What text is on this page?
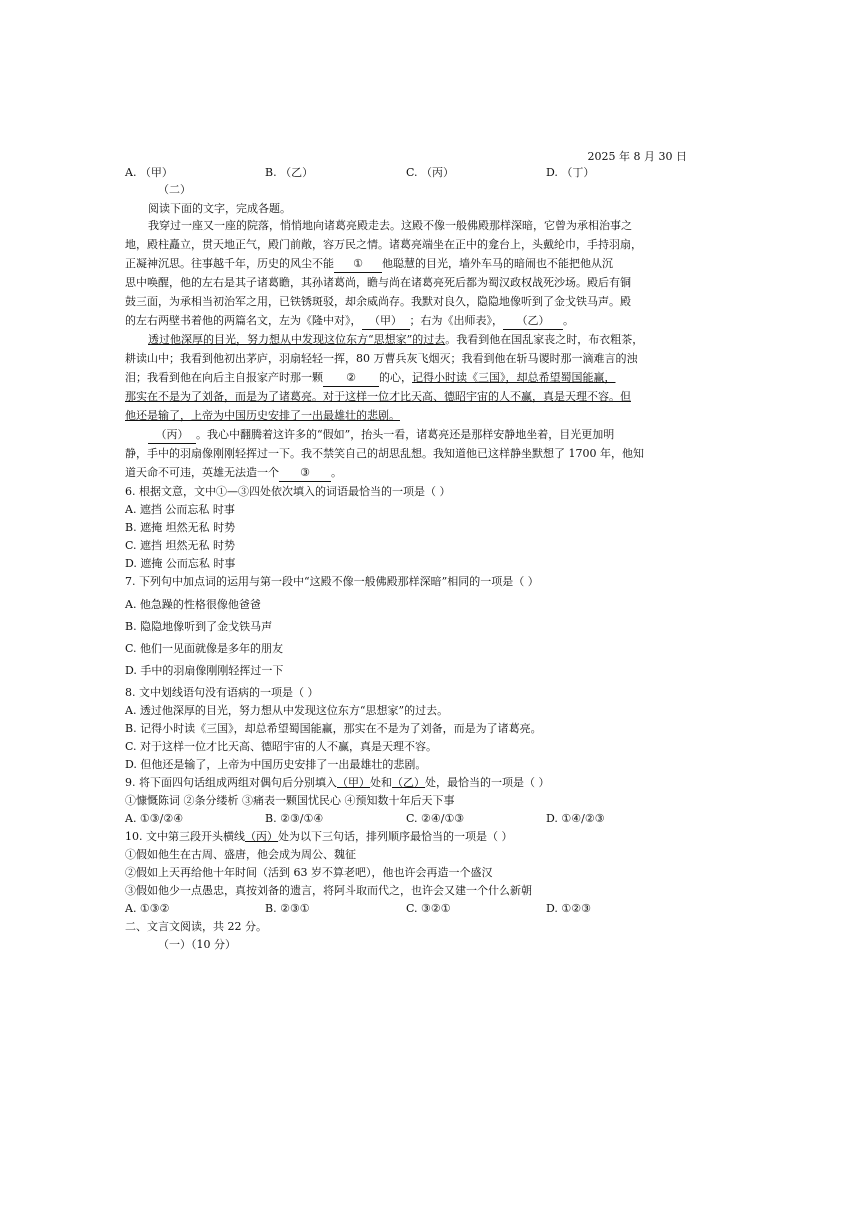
2025 年 8 月 30 日
A. （甲）	B. （乙）	C. （丙）	D. （丁）
（二）
阅读下面的文字，完成各题。
我穿过一座又一座的院落，悄悄地向诸葛亮殿走去。这殿不像一般佛殿那样深暗，它曾为承相治事之
地，殿柱矗立，贯天地正气，殿门前敞，容万民之情。诸葛亮端坐在正中的龛台上，头戴纶巾，手持羽扇，
正凝神沉思。往事越千年，历史的风尘不能 ① 他聪慧的目光，墙外车马的暗闹也不能把他从沉
思中唤醒，他的左右是其子诸葛瞻，其孙诸葛尚，瞻与尚在诸葛亮死后都为蜀汉政权战死沙场。殿后有铜
鼓三面，为承相当初治军之用，已铁锈斑驳，却余威尚存。我默对良久，隐隐地像听到了金戈铁马声。殿
的左右两壁书着他的两篇名文，左为《隆中对》， （甲） ；右为《出师表》， （乙） 。
透过他深厚的目光，努力想从中发现这位东方“思想家”的过去。我看到他在国乱家丧之时，布衣粗茶，
耕读山中；我看到他初出茅庐，羽扇轻轻一挥，80 万曹兵灰飞烟灭；我看到他在斩马谡时那一滴难言的浊
泪；我看到他在向后主自报家产时那一颗 ② 的心，记得小时读《三国》，却总希望蜀国能赢，
那实在不是为了刘备，而是为了诸葛亮。对于这样一位才比天高、德昭宇宙的人不赢，真是天理不容。但
他还是输了，上帝为中国历史安排了一出最雄壮的悲剧。
（丙） 。我心中翻腾着这许多的“假如”，抬头一看，诸葛亮还是那样安静地坐着，目光更加明
静，手中的羽扇像刚刚轻挥过一下。我不禁笑自己的胡思乱想。我知道他已这样静坐默想了 1700 年，他知
道天命不可违，英雄无法造一个 ③ 。
6. 根据文意，文中①—③四处依次填入的词语最恰当的一项是（ ）
A. 遮挡 公而忘私 时事
B. 遮掩 坦然无私 时势
C. 遮挡 坦然无私 时势
D. 遮掩 公而忘私 时事
7. 下列句中加点词的运用与第一段中“这殿不像一般佛殿那样深暗”相同的一项是（ ）
A. 他急躁的性格很像他爸爸
B. 隐隐地像听到了金戈铁马声
C. 他们一见面就像是多年的朋友
D. 手中的羽扇像刚刚轻挥过一下
8. 文中划线语句没有语病的一项是（ ）
A. 透过他深厚的目光，努力想从中发现这位东方“思想家”的过去。
B. 记得小时读《三国》，却总希望蜀国能赢，那实在不是为了刘备，而是为了诸葛亮。
C. 对于这样一位才比天高、德昭宇宙的人不赢，真是天理不容。
D. 但他还是输了，上帝为中国历史安排了一出最雄壮的悲剧。
9. 将下面四句话组成两组对偶句后分别填入（甲）处和（乙）处，最恰当的一项是（ ）
①慷慨陈词 ②条分缕析 ③痛表一颗国忧民心 ④预知数十年后天下事
A. ①③/②④	B. ②③/①④	C. ②④/①③	D. ①④/②③
10. 文中第三段开头横线（丙）处为以下三句话，排列顺序最恰当的一项是（ ）
①假如他生在古周、盛唐，他会成为周公、魏征
②假如上天再给他十年时间（活到 63 岁不算老吧），他也许会再造一个盛汉
③假如他少一点愚忠，真按刘备的遗言，将阿斗取而代之，也许会又建一个什么新朝
A. ①③②	B. ②③①	C. ③②①	D. ①②③
二、文言文阅读，共 22 分。
（一）（10 分）
